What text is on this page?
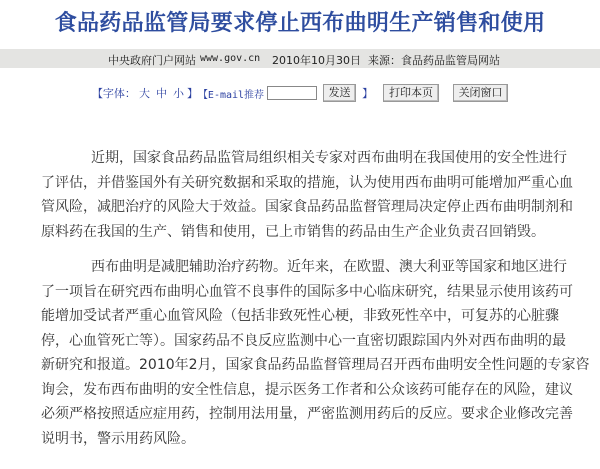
食品药品监管局要求停止西布曲明生产销售和使用
中央政府门户网站 www.gov.cn 2010年10月30日 来源：食品药品监管局网站
【字体： 大 中 小 】 【E-mail推荐	发送	】	打印本页	关闭窗口
近期，国家食品药品监管局组织相关专家对西布曲明在我国使用的安全性进行
了评估，并借鉴国外有关研究数据和采取的措施，认为使用西布曲明可能增加严重心血
管风险，减肥治疗的风险大于效益。国家食品药品监督管理局决定停止西布曲明制剂和
原料药在我国的生产、销售和使用，已上市销售的药品由生产企业负责召回销毁。
西布曲明是减肥辅助治疗药物。近年来，在欧盟、澳大利亚等国家和地区进行
了一项旨在研究西布曲明心血管不良事件的国际多中心临床研究，结果显示使用该药可
能增加受试者严重心血管风险（包括非致死性心梗，非致死性卒中，可复苏的心脏骤
停，心血管死亡等）。国家药品不良反应监测中心一直密切跟踪国内外对西布曲明的最
新研究和报道。2010年2月，国家食品药品监督管理局召开西布曲明安全性问题的专家咨
询会，发布西布曲明的安全性信息，提示医务工作者和公众该药可能存在的风险，建议
必须严格按照适应症用药，控制用法用量，严密监测用药后的反应。要求企业修改完善
说明书，警示用药风险。
